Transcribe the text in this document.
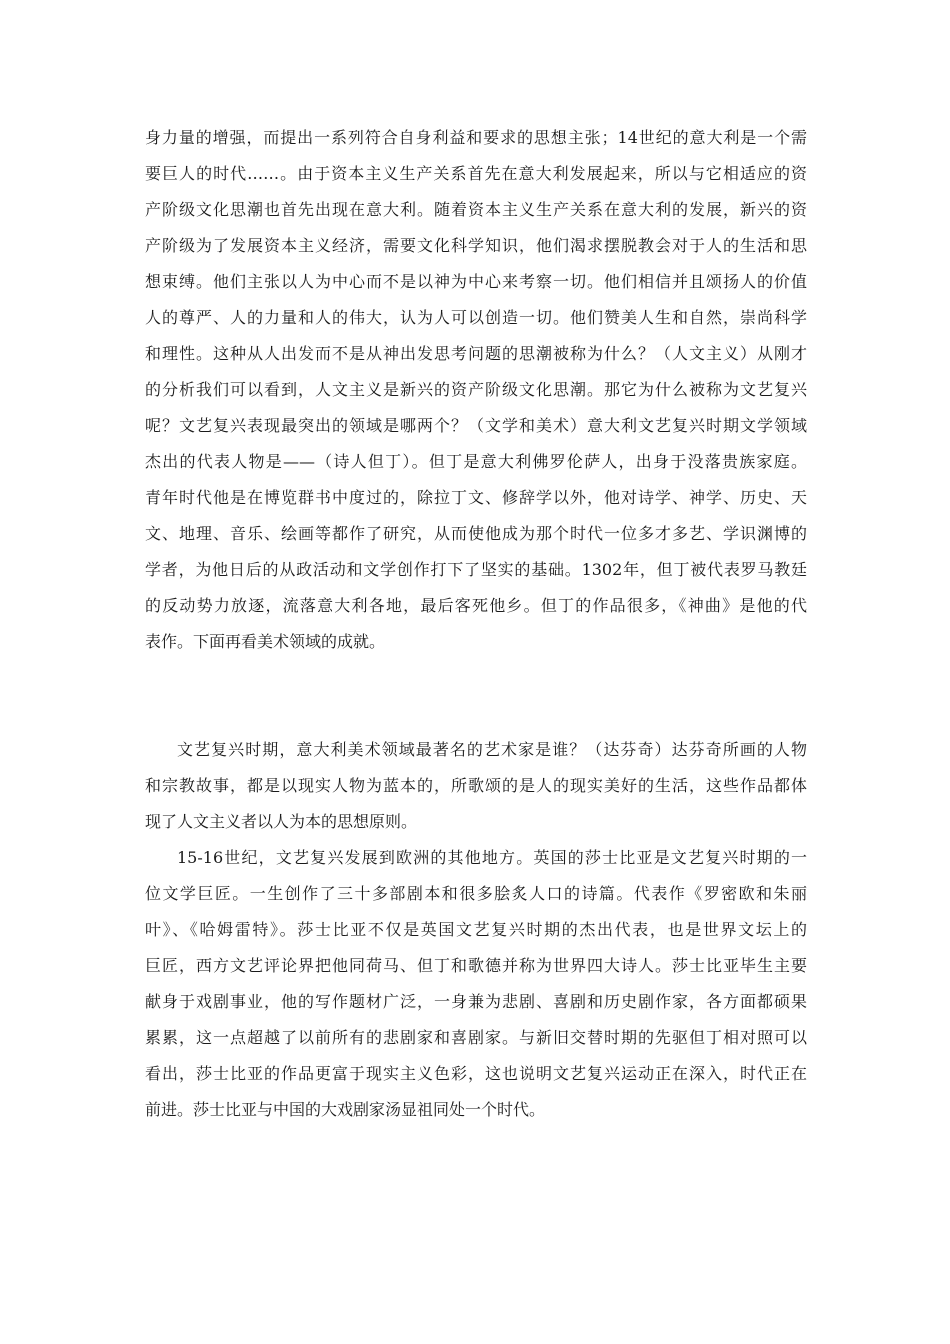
身力量的增强，而提出一系列符合自身利益和要求的思想主张；14世纪的意大利是一个需
要巨人的时代……。由于资本主义生产关系首先在意大利发展起来，所以与它相适应的资
产阶级文化思潮也首先出现在意大利。随着资本主义生产关系在意大利的发展，新兴的资
产阶级为了发展资本主义经济，需要文化科学知识，他们渴求摆脱教会对于人的生活和思
想束缚。他们主张以人为中心而不是以神为中心来考察一切。他们相信并且颂扬人的价值
人的尊严、人的力量和人的伟大，认为人可以创造一切。他们赞美人生和自然，崇尚科学
和理性。这种从人出发而不是从神出发思考问题的思潮被称为什么？（人文主义）从刚才
的分析我们可以看到，人文主义是新兴的资产阶级文化思潮。那它为什么被称为文艺复兴
呢？文艺复兴表现最突出的领域是哪两个？（文学和美术）意大利文艺复兴时期文学领域
杰出的代表人物是——（诗人但丁）。但丁是意大利佛罗伦萨人，出身于没落贵族家庭。
青年时代他是在博览群书中度过的，除拉丁文、修辞学以外，他对诗学、神学、历史、天
文、地理、音乐、绘画等都作了研究，从而使他成为那个时代一位多才多艺、学识渊博的
学者，为他日后的从政活动和文学创作打下了坚实的基础。1302年，但丁被代表罗马教廷
的反动势力放逐，流落意大利各地，最后客死他乡。但丁的作品很多，《神曲》是他的代
表作。下面再看美术领域的成就。
文艺复兴时期，意大利美术领域最著名的艺术家是谁？（达芬奇）达芬奇所画的人物
和宗教故事，都是以现实人物为蓝本的，所歌颂的是人的现实美好的生活，这些作品都体
现了人文主义者以人为本的思想原则。
15-16世纪，文艺复兴发展到欧洲的其他地方。英国的莎士比亚是文艺复兴时期的一
位文学巨匠。一生创作了三十多部剧本和很多脍炙人口的诗篇。代表作《罗密欧和朱丽
叶》、《哈姆雷特》。莎士比亚不仅是英国文艺复兴时期的杰出代表，也是世界文坛上的
巨匠，西方文艺评论界把他同荷马、但丁和歌德并称为世界四大诗人。莎士比亚毕生主要
献身于戏剧事业，他的写作题材广泛，一身兼为悲剧、喜剧和历史剧作家，各方面都硕果
累累，这一点超越了以前所有的悲剧家和喜剧家。与新旧交替时期的先驱但丁相对照可以
看出，莎士比亚的作品更富于现实主义色彩，这也说明文艺复兴运动正在深入，时代正在
前进。莎士比亚与中国的大戏剧家汤显祖同处一个时代。
